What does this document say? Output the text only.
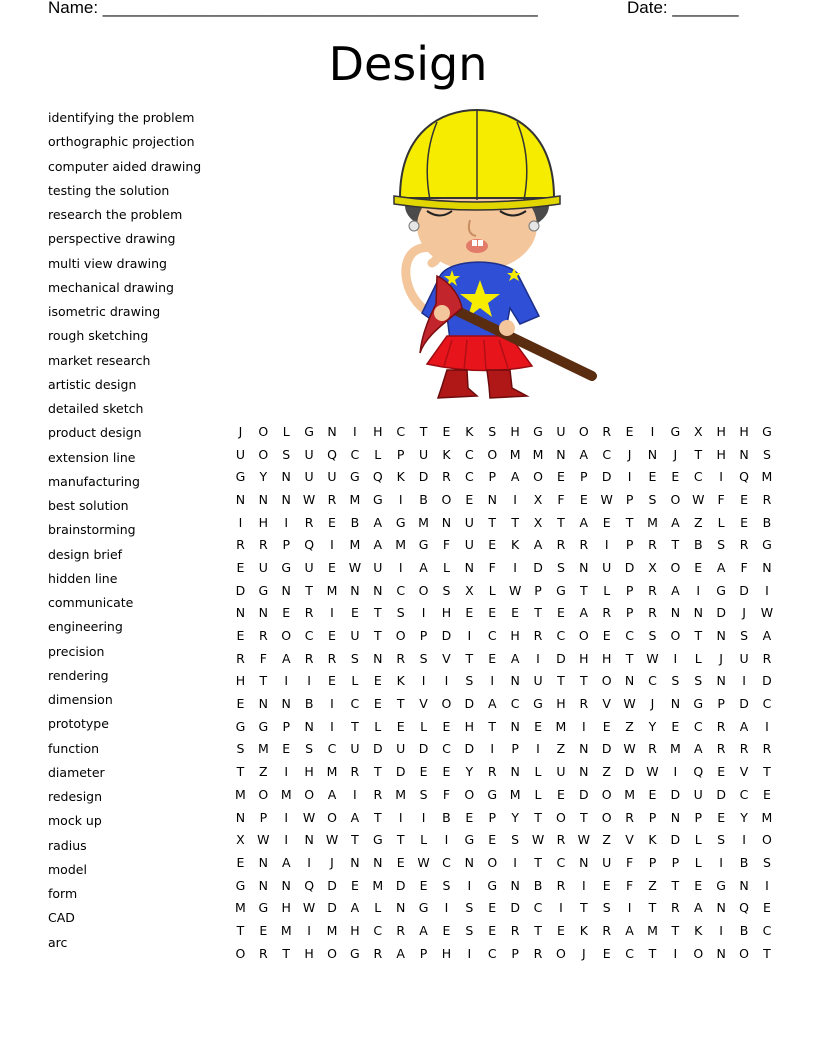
Name: ______________________________________________	Date: _______
Design
identifying the problem
orthographic projection
computer aided drawing
testing the solution
research the problem
perspective drawing
multi view drawing
mechanical drawing
isometric drawing
rough sketching
market research
artistic design
detailed sketch
product design
extension line
manufacturing
best solution
brainstorming
design brief
hidden line
communicate
engineering
precision
rendering
dimension
prototype
function
diameter
redesign
mock up
radius
model
form
CAD
arc
J	O	L	G	N	I	H	C	T	E	K	S	H	G	U	O	R	E	I	G	X	H	H	G
U	O	S	U	Q	C	L	P	U	K	C	O	M	M	N	A	C	J	N	J	T	H	N	S
G	Y	N	U	U	G	Q	K	D	R	C	P	A	O	E	P	D	I	E	E	C	I	Q	M
N	N	N	W	R	M	G	I	B	O	E	N	I	X	F	E	W	P	S	O	W	F	E	R
I	H	I	R	E	B	A	G	M	N	U	T	T	X	T	A	E	T	M	A	Z	L	E	B
R	R	P	Q	I	M	A	M	G	F	U	E	K	A	R	R	I	P	R	T	B	S	R	G
E	U	G	U	E	W	U	I	A	L	N	F	I	D	S	N	U	D	X	O	E	A	F	N
D	G	N	T	M	N	N	C	O	S	X	L	W	P	G	T	L	P	R	A	I	G	D	I
N	N	E	R	I	E	T	S	I	H	E	E	E	T	E	A	R	P	R	N	N	D	J	W
E	R	O	C	E	U	T	O	P	D	I	C	H	R	C	O	E	C	S	O	T	N	S	A
R	F	A	R	R	S	N	R	S	V	T	E	A	I	D	H	H	T	W	I	L	J	U	R
H	T	I	I	E	L	E	K	I	I	S	I	N	U	T	T	O	N	C	S	S	N	I	D
E	N	N	B	I	C	E	T	V	O	D	A	C	G	H	R	V	W	J	N	G	P	D	C
G	G	P	N	I	T	L	E	L	E	H	T	N	E	M	I	E	Z	Y	E	C	R	A	I
S	M	E	S	C	U	D	U	D	C	D	I	P	I	Z	N	D	W	R	M	A	R	R	R
T	Z	I	H	M	R	T	D	E	E	Y	R	N	L	U	N	Z	D	W	I	Q	E	V	T
M	O	M	O	A	I	R	M	S	F	O	G	M	L	E	D	O	M	E	D	U	D	C	E
N	P	I	W	O	A	T	I	I	B	E	P	Y	T	O	T	O	R	P	N	P	E	Y	M
X	W	I	N	W	T	G	T	L	I	G	E	S	W	R	W	Z	V	K	D	L	S	I	O
E	N	A	I	J	N	N	E	W	C	N	O	I	T	C	N	U	F	P	P	L	I	B	S
G	N	N	Q	D	E	M	D	E	S	I	G	N	B	R	I	E	F	Z	T	E	G	N	I
M	G	H	W	D	A	L	N	G	I	S	E	D	C	I	T	S	I	T	R	A	N	Q	E
T	E	M	I	M	H	C	R	A	E	S	E	R	T	E	K	R	A	M	T	K	I	B	C
O	R	T	H	O	G	R	A	P	H	I	C	P	R	O	J	E	C	T	I	O	N	O	T
